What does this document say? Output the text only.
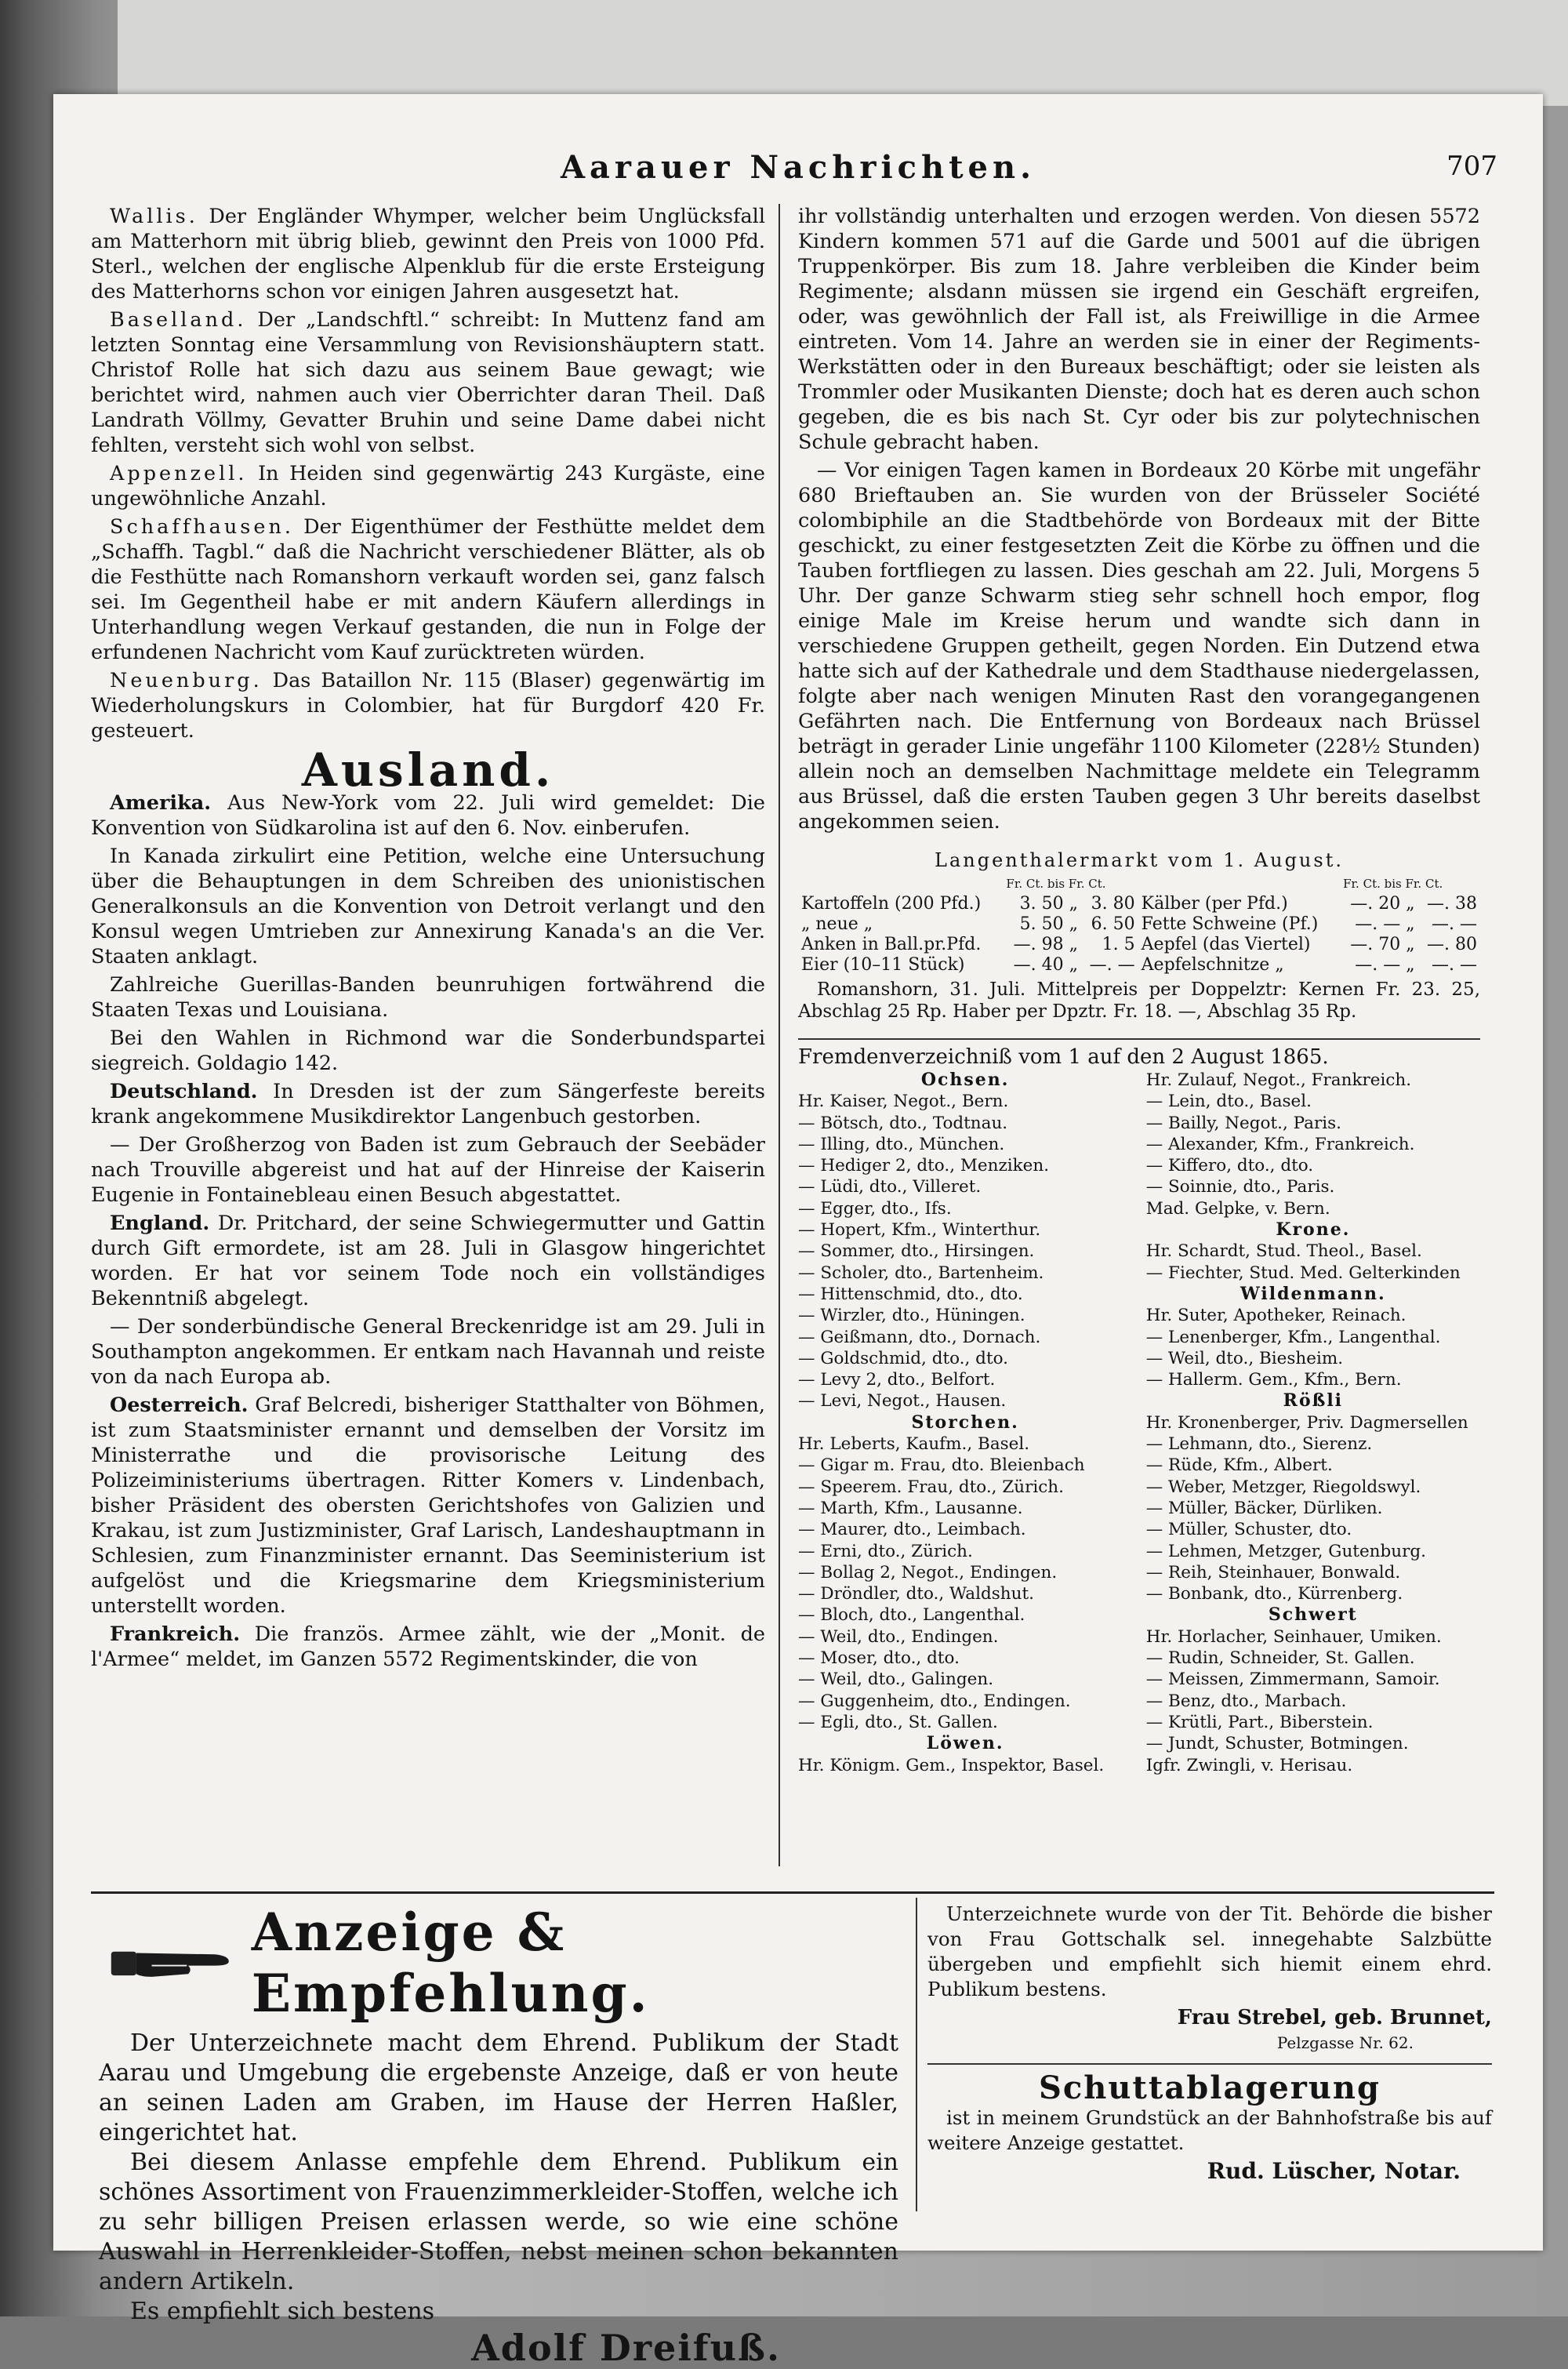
Aarauer Nachrichten.	707

Wallis. Der Engländer Whymper, welcher beim Unglücksfall am Matterhorn mit übrig blieb, gewinnt den Preis von 1000 Pfd. Sterl., welchen der englische Alpenklub für die erste Ersteigung des Matterhorns schon vor einigen Jahren ausgesetzt hat.

Baselland. Der „Landschftl.“ schreibt: In Muttenz fand am letzten Sonntag eine Versammlung von Revisionshäuptern statt. Christof Rolle hat sich dazu aus seinem Baue gewagt; wie berichtet wird, nahmen auch vier Oberrichter daran Theil. Daß Landrath Völlmy, Gevatter Bruhin und seine Dame dabei nicht fehlten, versteht sich wohl von selbst.

Appenzell. In Heiden sind gegenwärtig 243 Kurgäste, eine ungewöhnliche Anzahl.

Schaffhausen. Der Eigenthümer der Festhütte meldet dem „Schaffh. Tagbl.“ daß die Nachricht verschiedener Blätter, als ob die Festhütte nach Romanshorn verkauft worden sei, ganz falsch sei. Im Gegentheil habe er mit andern Käufern allerdings in Unterhandlung wegen Verkauf gestanden, die nun in Folge der erfundenen Nachricht vom Kauf zurücktreten würden.

Neuenburg. Das Bataillon Nr. 115 (Blaser) gegenwärtig im Wiederholungskurs in Colombier, hat für Burgdorf 420 Fr. gesteuert.

Ausland.

Amerika. Aus New-York vom 22. Juli wird gemeldet: Die Konvention von Südkarolina ist auf den 6. Nov. einberufen.

In Kanada zirkulirt eine Petition, welche eine Untersuchung über die Behauptungen in dem Schreiben des unionistischen Generalkonsuls an die Konvention von Detroit verlangt und den Konsul wegen Umtrieben zur Annexirung Kanada's an die Ver. Staaten anklagt.

Zahlreiche Guerillas-Banden beunruhigen fortwährend die Staaten Texas und Louisiana.

Bei den Wahlen in Richmond war die Sonderbundspartei siegreich. Goldagio 142.

Deutschland. In Dresden ist der zum Sängerfeste bereits krank angekommene Musikdirektor Langenbuch gestorben.

— Der Großherzog von Baden ist zum Gebrauch der Seebäder nach Trouville abgereist und hat auf der Hinreise der Kaiserin Eugenie in Fontainebleau einen Besuch abgestattet.

England. Dr. Pritchard, der seine Schwiegermutter und Gattin durch Gift ermordete, ist am 28. Juli in Glasgow hingerichtet worden. Er hat vor seinem Tode noch ein vollständiges Bekenntniß abgelegt.

— Der sonderbündische General Breckenridge ist am 29. Juli in Southampton angekommen. Er entkam nach Havannah und reiste von da nach Europa ab.

Oesterreich. Graf Belcredi, bisheriger Statthalter von Böhmen, ist zum Staatsminister ernannt und demselben der Vorsitz im Ministerrathe und die provisorische Leitung des Polizeiministeriums übertragen. Ritter Komers v. Lindenbach, bisher Präsident des obersten Gerichtshofes von Galizien und Krakau, ist zum Justizminister, Graf Larisch, Landeshauptmann in Schlesien, zum Finanzminister ernannt. Das Seeministerium ist aufgelöst und die Kriegsmarine dem Kriegsministerium unterstellt worden.

Frankreich. Die französ. Armee zählt, wie der „Monit. de l'Armee“ meldet, im Ganzen 5572 Regimentskinder, die von

ihr vollständig unterhalten und erzogen werden. Von diesen 5572 Kindern kommen 571 auf die Garde und 5001 auf die übrigen Truppenkörper. Bis zum 18. Jahre verbleiben die Kinder beim Regimente; alsdann müssen sie irgend ein Geschäft ergreifen, oder, was gewöhnlich der Fall ist, als Freiwillige in die Armee eintreten. Vom 14. Jahre an werden sie in einer der Regiments-Werkstätten oder in den Bureaux beschäftigt; oder sie leisten als Trommler oder Musikanten Dienste; doch hat es deren auch schon gegeben, die es bis nach St. Cyr oder bis zur polytechnischen Schule gebracht haben.

— Vor einigen Tagen kamen in Bordeaux 20 Körbe mit ungefähr 680 Brieftauben an. Sie wurden von der Brüsseler Société colombiphile an die Stadtbehörde von Bordeaux mit der Bitte geschickt, zu einer festgesetzten Zeit die Körbe zu öffnen und die Tauben fortfliegen zu lassen. Dies geschah am 22. Juli, Morgens 5 Uhr. Der ganze Schwarm stieg sehr schnell hoch empor, flog einige Male im Kreise herum und wandte sich dann in verschiedene Gruppen getheilt, gegen Norden. Ein Dutzend etwa hatte sich auf der Kathedrale und dem Stadthause niedergelassen, folgte aber nach wenigen Minuten Rast den vorangegangenen Gefährten nach. Die Entfernung von Bordeaux nach Brüssel beträgt in gerader Linie ungefähr 1100 Kilometer (228½ Stunden) allein noch an demselben Nachmittage meldete ein Telegramm aus Brüssel, daß die ersten Tauben gegen 3 Uhr bereits daselbst angekommen seien.

Langenthalermarkt vom 1. August.
	Fr. Ct. bis Fr. Ct.			Fr. Ct. bis Fr. Ct.	
Kartoffeln (200 Pfd.)	3. 50 „	3. 80	Kälber (per Pfd.)	—. 20 „	—. 38
„ neue „	5. 50 „	6. 50	Fette Schweine (Pf.)	—. — „	—. —
Anken in Ball.pr.Pfd.	—. 98 „	1. 5	Aepfel (das Viertel)	—. 70 „	—. 80
Eier (10–11 Stück)	—. 40 „	—. —	Aepfelschnitze „	—. — „	—. —

Romanshorn, 31. Juli. Mittelpreis per Doppelztr: Kernen Fr. 23. 25, Abschlag 25 Rp. Haber per Dpztr. Fr. 18. —, Abschlag 35 Rp.

Fremdenverzeichniß vom 1 auf den 2 August 1865.
Ochsen.
Hr. Kaiser, Negot., Bern.
— Bötsch, dto., Todtnau.
— Illing, dto., München.
— Hediger 2, dto., Menziken.
— Lüdi, dto., Villeret.
— Egger, dto., Ifs.
— Hopert, Kfm., Winterthur.
— Sommer, dto., Hirsingen.
— Scholer, dto., Bartenheim.
— Hittenschmid, dto., dto.
— Wirzler, dto., Hüningen.
— Geißmann, dto., Dornach.
— Goldschmid, dto., dto.
— Levy 2, dto., Belfort.
— Levi, Negot., Hausen.
Storchen.
Hr. Leberts, Kaufm., Basel.
— Gigar m. Frau, dto. Bleienbach
— Speerem. Frau, dto., Zürich.
— Marth, Kfm., Lausanne.
— Maurer, dto., Leimbach.
— Erni, dto., Zürich.
— Bollag 2, Negot., Endingen.
— Dröndler, dto., Waldshut.
— Bloch, dto., Langenthal.
— Weil, dto., Endingen.
— Moser, dto., dto.
— Weil, dto., Galingen.
— Guggenheim, dto., Endingen.
— Egli, dto., St. Gallen.
Löwen.
Hr. Königm. Gem., Inspektor, Basel.
Hr. Zulauf, Negot., Frankreich.
— Lein, dto., Basel.
— Bailly, Negot., Paris.
— Alexander, Kfm., Frankreich.
— Kiffero, dto., dto.
— Soinnie, dto., Paris.
Mad. Gelpke, v. Bern.
Krone.
Hr. Schardt, Stud. Theol., Basel.
— Fiechter, Stud. Med. Gelterkinden
Wildenmann.
Hr. Suter, Apotheker, Reinach.
— Lenenberger, Kfm., Langenthal.
— Weil, dto., Biesheim.
— Hallerm. Gem., Kfm., Bern.
Rößli
Hr. Kronenberger, Priv. Dagmersellen
— Lehmann, dto., Sierenz.
— Rüde, Kfm., Albert.
— Weber, Metzger, Riegoldswyl.
— Müller, Bäcker, Dürliken.
— Müller, Schuster, dto.
— Lehmen, Metzger, Gutenburg.
— Reih, Steinhauer, Bonwald.
— Bonbank, dto., Kürrenberg.
Schwert
Hr. Horlacher, Seinhauer, Umiken.
— Rudin, Schneider, St. Gallen.
— Meissen, Zimmermann, Samoir.
— Benz, dto., Marbach.
— Krütli, Part., Biberstein.
— Jundt, Schuster, Botmingen.
Igfr. Zwingli, v. Herisau.
Anzeige & Empfehlung.

Der Unterzeichnete macht dem Ehrend. Publikum der Stadt Aarau und Umgebung die ergebenste Anzeige, daß er von heute an seinen Laden am Graben, im Hause der Herren Haßler, eingerichtet hat.

Bei diesem Anlasse empfehle dem Ehrend. Publikum ein schönes Assortiment von Frauenzimmerkleider-Stoffen, welche ich zu sehr billigen Preisen erlassen werde, so wie eine schöne Auswahl in Herrenkleider-Stoffen, nebst meinen schon bekannten andern Artikeln.

Es empfiehlt sich bestens

Adolf Dreifuß.

Unterzeichnete wurde von der Tit. Behörde die bisher von Frau Gottschalk sel. innegehabte Salzbütte übergeben und empfiehlt sich hiemit einem ehrd. Publikum bestens.

Frau Strebel, geb. Brunnet,
Pelzgasse Nr. 62.
Schuttablagerung

ist in meinem Grundstück an der Bahnhofstraße bis auf weitere Anzeige gestattet.

Rud. Lüscher, Notar.
